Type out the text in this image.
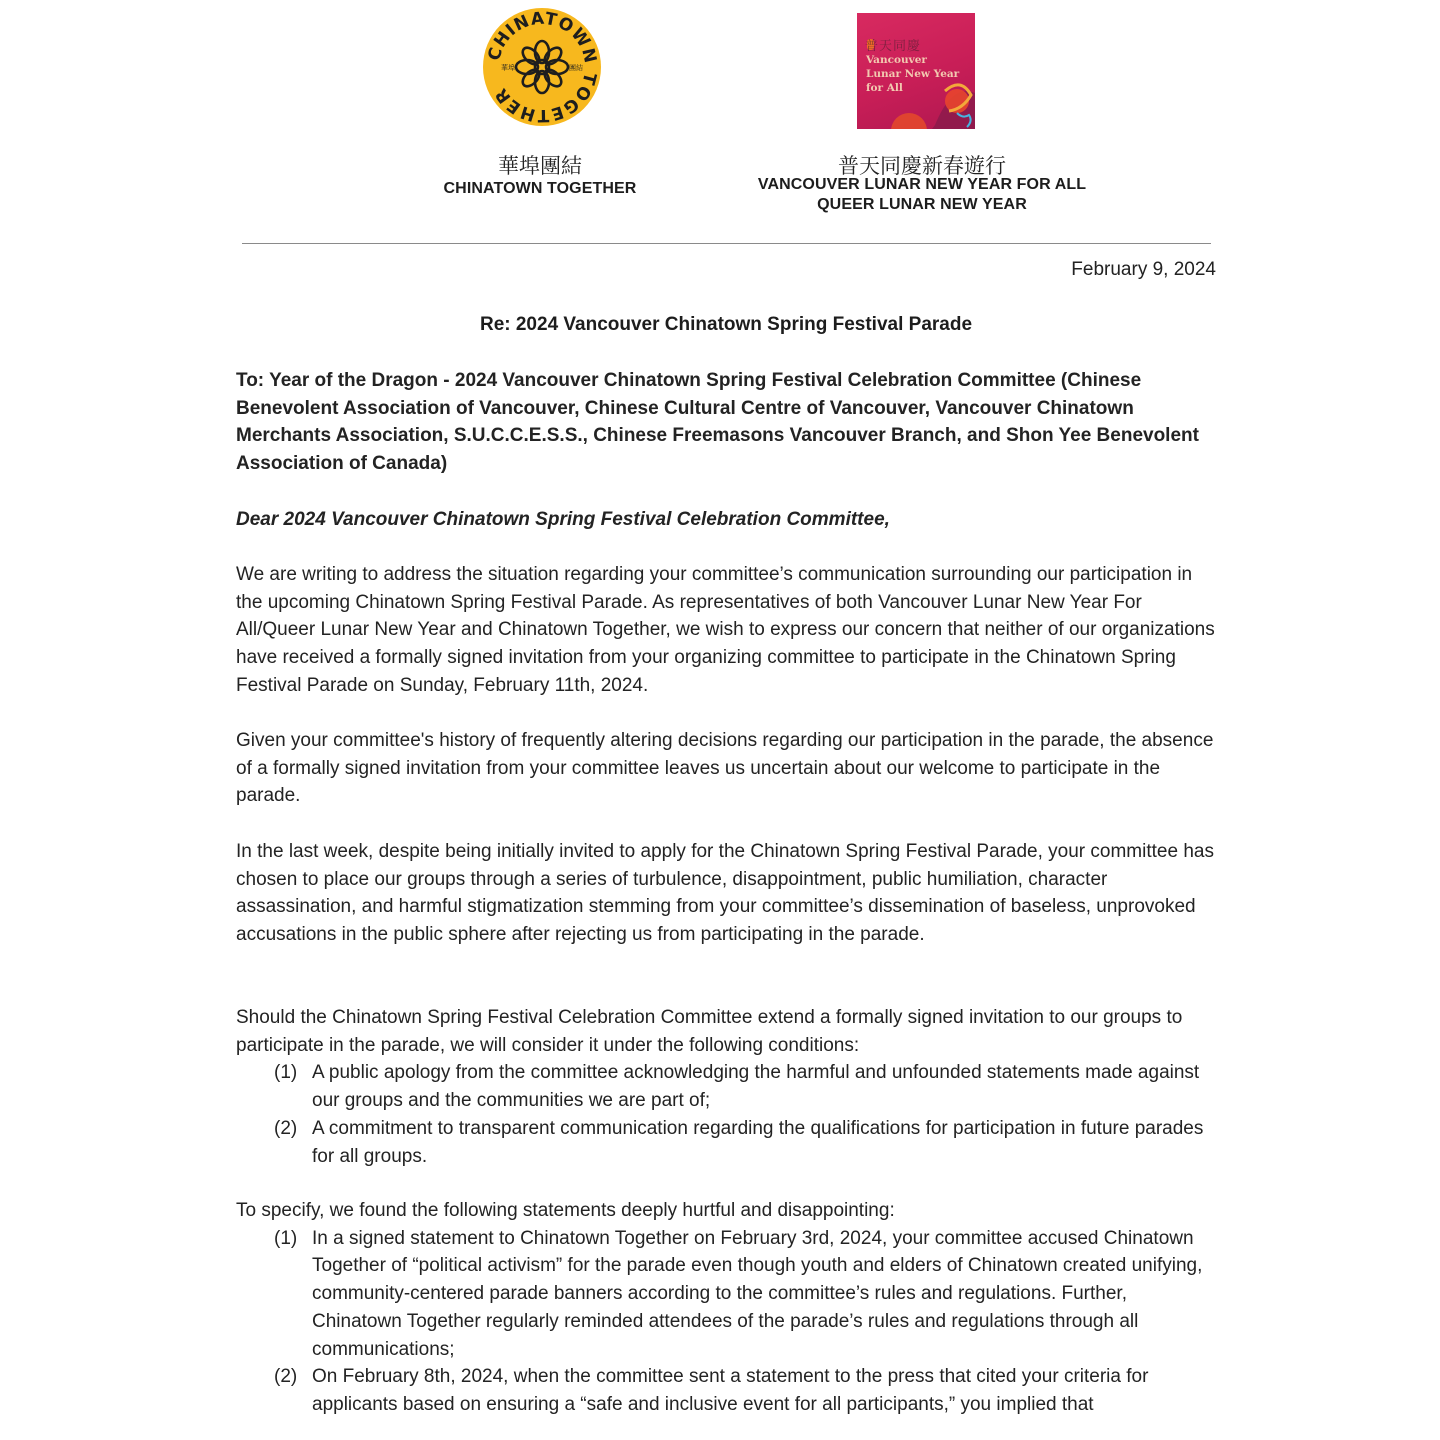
CHINATOWN TOGETHER
華埠	團結
華埠團結
CHINATOWN TOGETHER
普天同慶
Vancouver
Lunar New Year
for All
普天同慶新春遊行
VANCOUVER LUNAR NEW YEAR FOR ALL
QUEER LUNAR NEW YEAR
February 9, 2024
Re: 2024 Vancouver Chinatown Spring Festival Parade
To: Year of the Dragon - 2024 Vancouver Chinatown Spring Festival Celebration Committee (Chinese Benevolent Association of Vancouver, Chinese Cultural Centre of Vancouver, Vancouver Chinatown Merchants Association, S.U.C.C.E.S.S., Chinese Freemasons Vancouver Branch, and Shon Yee Benevolent Association of Canada)
Dear 2024 Vancouver Chinatown Spring Festival Celebration Committee,
We are writing to address the situation regarding your committee’s communication surrounding our participation in the upcoming Chinatown Spring Festival Parade. As representatives of both Vancouver Lunar New Year For All/Queer Lunar New Year and Chinatown Together, we wish to express our concern that neither of our organizations have received a formally signed invitation from your organizing committee to participate in the Chinatown Spring Festival Parade on Sunday, February 11th, 2024.
Given your committee's history of frequently altering decisions regarding our participation in the parade, the absence of a formally signed invitation from your committee leaves us uncertain about our welcome to participate in the parade.
In the last week, despite being initially invited to apply for the Chinatown Spring Festival Parade, your committee has chosen to place our groups through a series of turbulence, disappointment, public humiliation, character assassination, and harmful stigmatization stemming from your committee’s dissemination of baseless, unprovoked accusations in the public sphere after rejecting us from participating in the parade.
Should the Chinatown Spring Festival Celebration Committee extend a formally signed invitation to our groups to participate in the parade, we will consider it under the following conditions:
(1) A public apology from the committee acknowledging the harmful and unfounded statements made against our groups and the communities we are part of;
(2) A commitment to transparent communication regarding the qualifications for participation in future parades for all groups.
To specify, we found the following statements deeply hurtful and disappointing:
(1) In a signed statement to Chinatown Together on February 3rd, 2024, your committee accused Chinatown Together of “political activism” for the parade even though youth and elders of Chinatown created unifying, community-centered parade banners according to the committee’s rules and regulations. Further, Chinatown Together regularly reminded attendees of the parade’s rules and regulations through all communications;
(2) On February 8th, 2024, when the committee sent a statement to the press that cited your criteria for applicants based on ensuring a “safe and inclusive event for all participants,” you implied that
